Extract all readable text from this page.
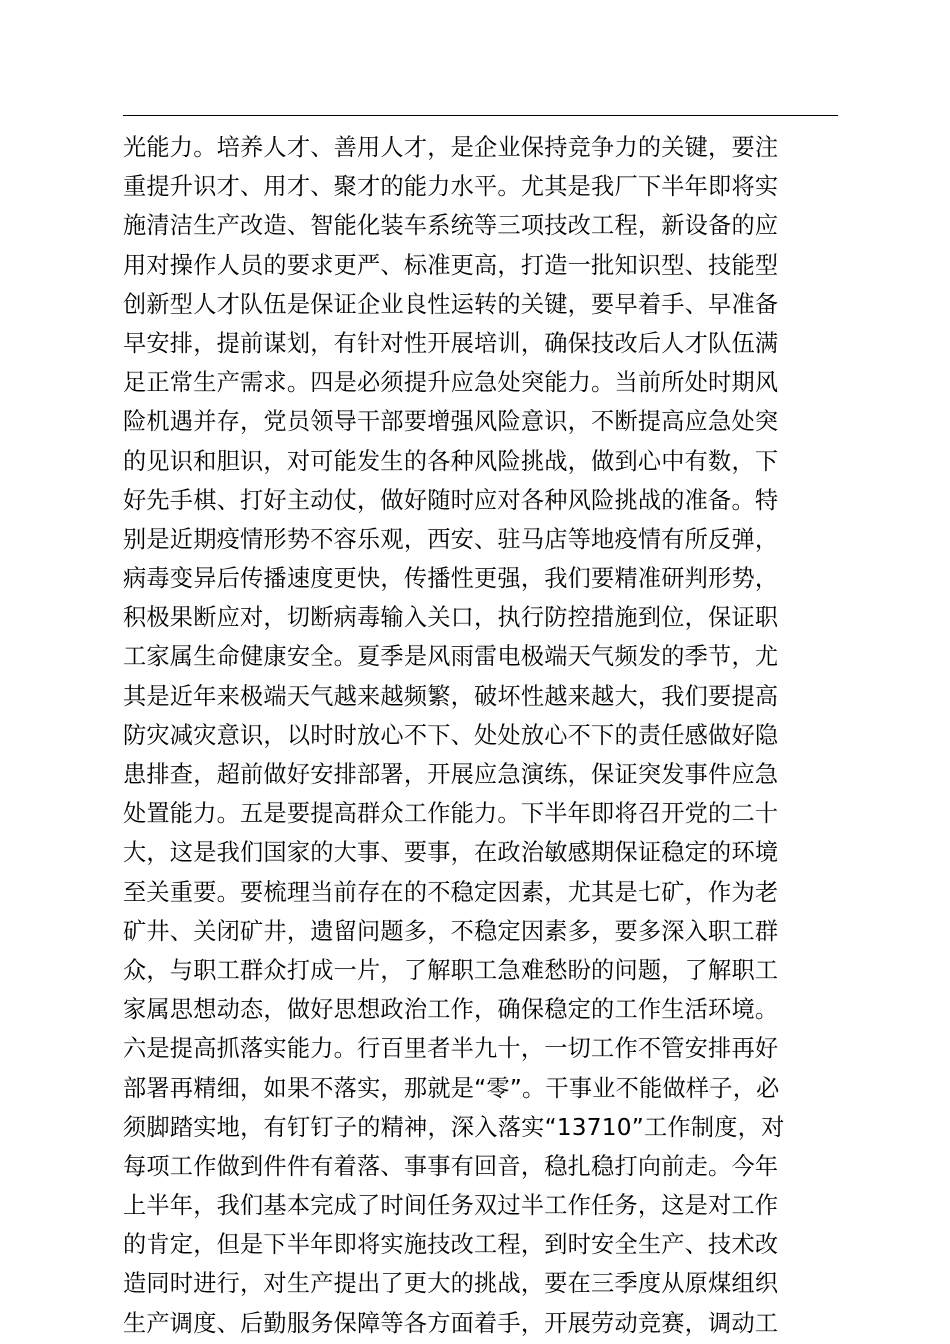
光能力。培养人才、善用人才，是企业保持竞争力的关键，要注
重提升识才、用才、聚才的能力水平。尤其是我厂下半年即将实
施清洁生产改造、智能化装车系统等三项技改工程，新设备的应
用对操作人员的要求更严、标准更高，打造一批知识型、技能型
创新型人才队伍是保证企业良性运转的关键，要早着手、早准备
早安排，提前谋划，有针对性开展培训，确保技改后人才队伍满
足正常生产需求。四是必须提升应急处突能力。当前所处时期风
险机遇并存，党员领导干部要增强风险意识，不断提高应急处突
的见识和胆识，对可能发生的各种风险挑战，做到心中有数，下
好先手棋、打好主动仗，做好随时应对各种风险挑战的准备。特
别是近期疫情形势不容乐观，西安、驻马店等地疫情有所反弹，
病毒变异后传播速度更快，传播性更强，我们要精准研判形势，
积极果断应对，切断病毒输入关口，执行防控措施到位，保证职
工家属生命健康安全。夏季是风雨雷电极端天气频发的季节，尤
其是近年来极端天气越来越频繁，破坏性越来越大，我们要提高
防灾减灾意识，以时时放心不下、处处放心不下的责任感做好隐
患排查，超前做好安排部署，开展应急演练，保证突发事件应急
处置能力。五是要提高群众工作能力。下半年即将召开党的二十
大，这是我们国家的大事、要事，在政治敏感期保证稳定的环境
至关重要。要梳理当前存在的不稳定因素，尤其是七矿，作为老
矿井、关闭矿井，遗留问题多，不稳定因素多，要多深入职工群
众，与职工群众打成一片，了解职工急难愁盼的问题，了解职工
家属思想动态，做好思想政治工作，确保稳定的工作生活环境。
六是提高抓落实能力。行百里者半九十，一切工作不管安排再好
部署再精细，如果不落实，那就是“零”。干事业不能做样子，必
须脚踏实地，有钉钉子的精神，深入落实“13710”工作制度，对
每项工作做到件件有着落、事事有回音，稳扎稳打向前走。今年
上半年，我们基本完成了时间任务双过半工作任务，这是对工作
的肯定，但是下半年即将实施技改工程，到时安全生产、技术改
造同时进行，对生产提出了更大的挑战，要在三季度从原煤组织
生产调度、后勤服务保障等各方面着手，开展劳动竞赛，调动工
